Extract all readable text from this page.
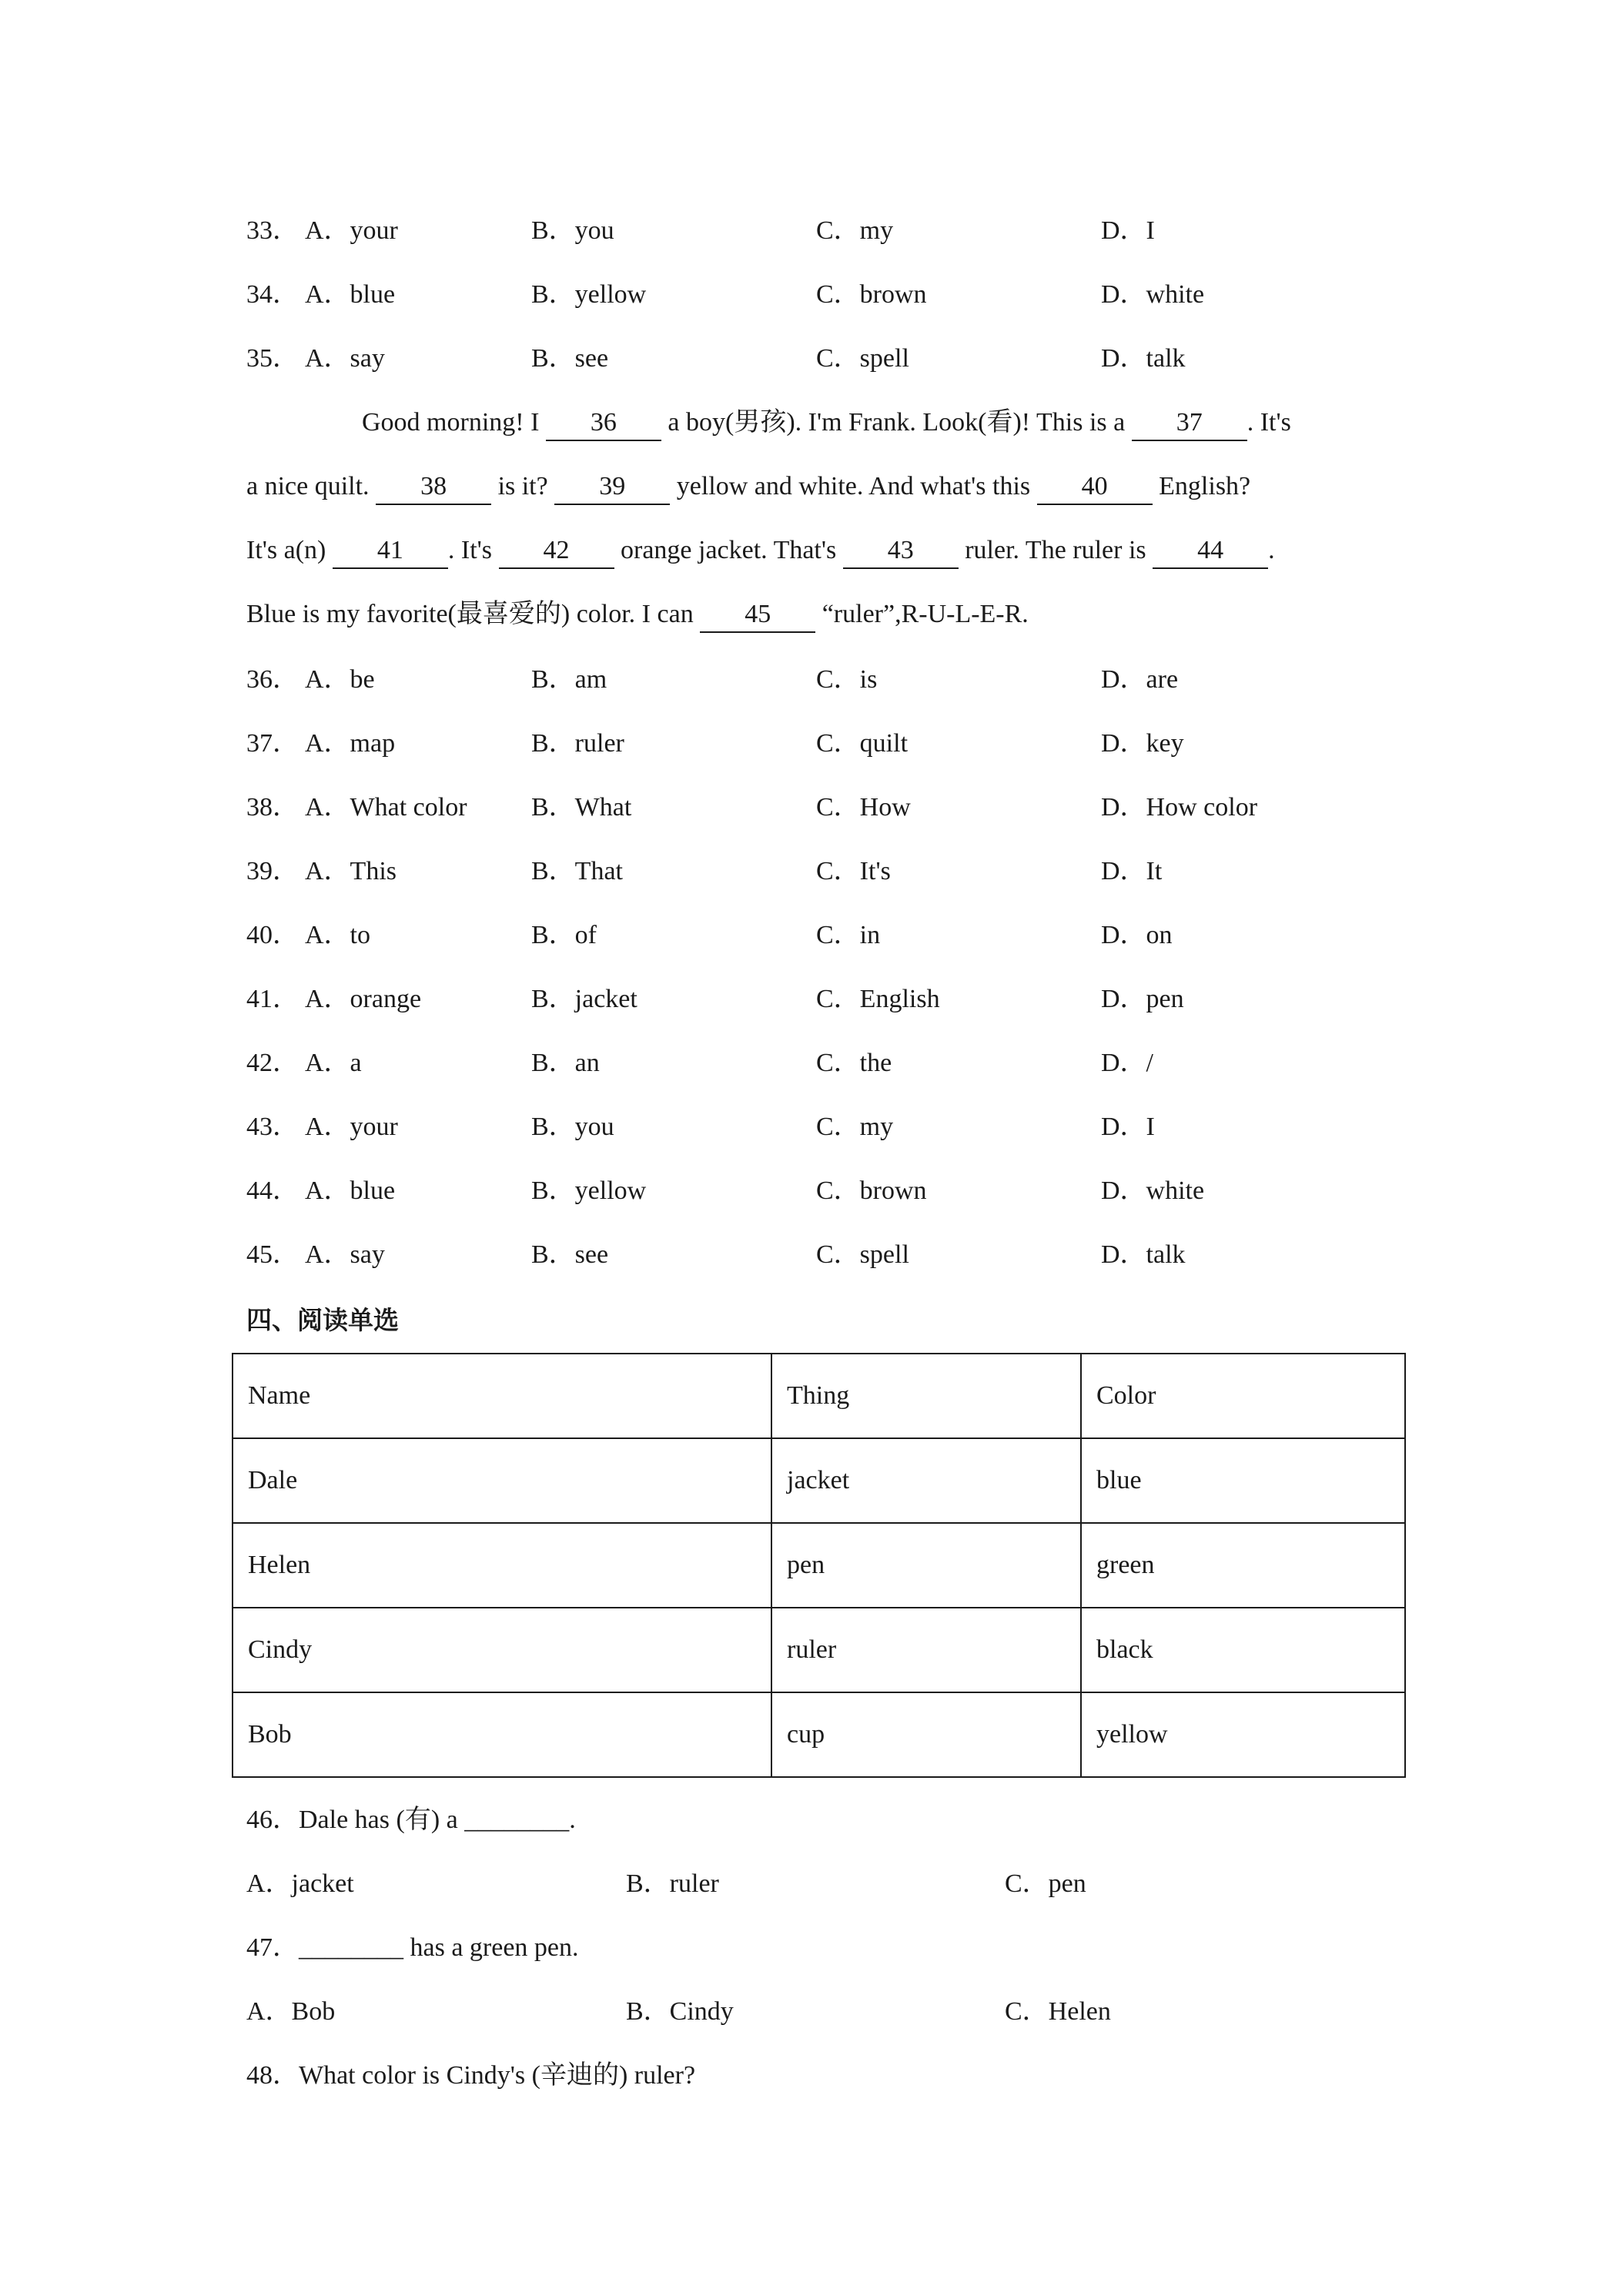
33． A．your	B．you	C．my	D．I
34． A．blue	B．yellow	C．brown	D．white
35． A．say	B．see	C．spell	D．talk
Good morning! I 36 a boy(男孩). I'm Frank. Look(看)! This is a 37 . It's
a nice quilt. 38 is it? 39 yellow and white. And what's this 40 English?
It's a(n) 41 . It's 42 orange jacket. That's 43 ruler. The ruler is 44 .
Blue is my favorite(最喜爱的) color. I can 45 “ruler”,R-U-L-E-R.
36． A．be	B．am	C．is	D．are
37． A．map	B．ruler	C．quilt	D．key
38． A．What color B．What	C．How	D．How color
39． A．This	B．That	C．It's	D．It
40． A．to	B．of	C．in	D．on
41． A．orange	B．jacket	C．English	D．pen
42． A．a	B．an	C．the	D．/
43． A．your	B．you	C．my	D．I
44． A．blue	B．yellow	C．brown	D．white
45． A．say	B．see	C．spell	D．talk
四、阅读单选
Name	Thing	Color
Dale	jacket	blue
Helen	pen	green
Cindy	ruler	black
Bob	cup	yellow
46．Dale has (有) a ________.
A．jacket	B．ruler	C．pen
47．________ has a green pen.
A．Bob	B．Cindy	C．Helen
48．What color is Cindy's (辛迪的) ruler?
